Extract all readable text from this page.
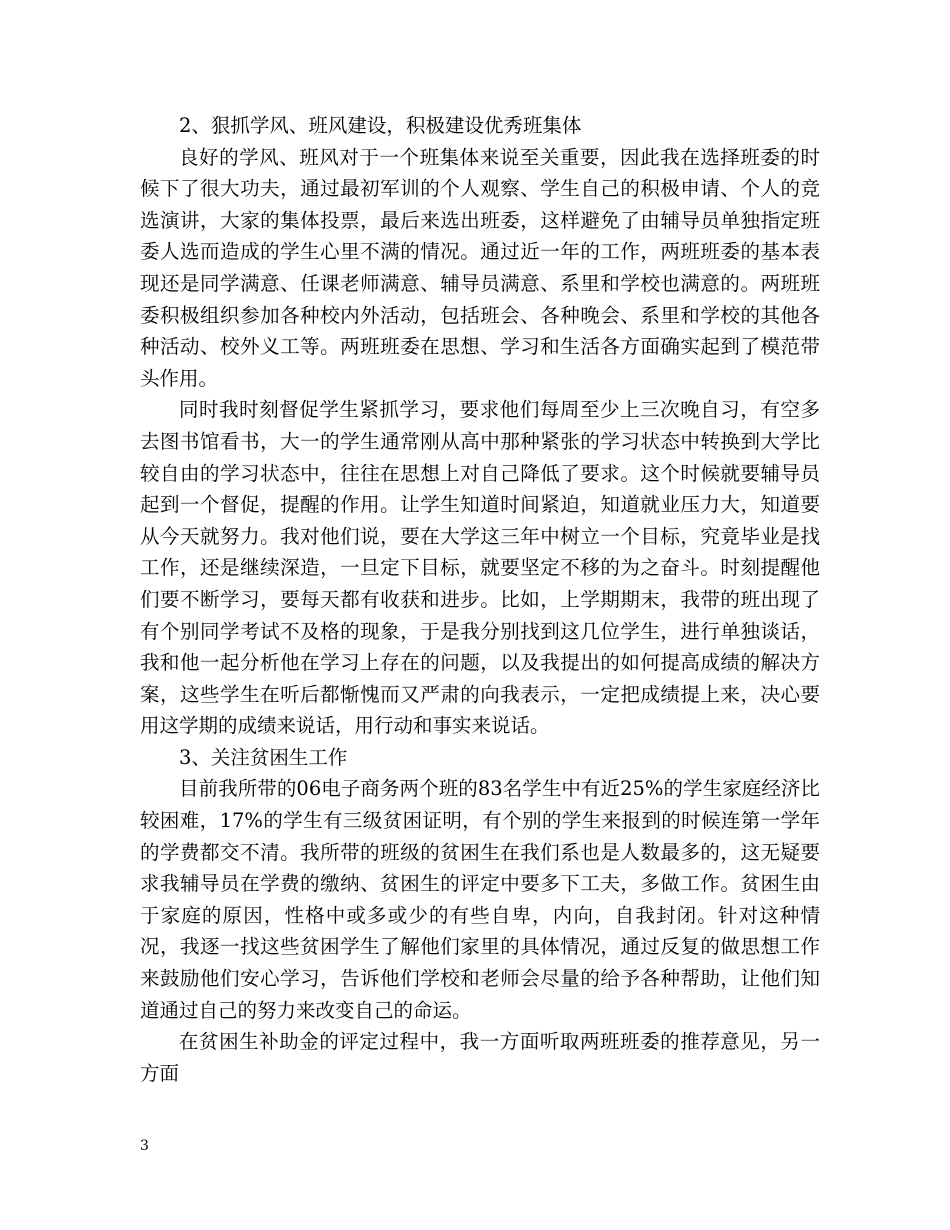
2、狠抓学风、班风建设，积极建设优秀班集体

良好的学风、班风对于一个班集体来说至关重要，因此我在选择班委的时候下了很大功夫，通过最初军训的个人观察、学生自己的积极申请、个人的竞选演讲，大家的集体投票，最后来选出班委，这样避免了由辅导员单独指定班委人选而造成的学生心里不满的情况。通过近一年的工作，两班班委的基本表现还是同学满意、任课老师满意、辅导员满意、系里和学校也满意的。两班班委积极组织参加各种校内外活动，包括班会、各种晚会、系里和学校的其他各种活动、校外义工等。两班班委在思想、学习和生活各方面确实起到了模范带头作用。

同时我时刻督促学生紧抓学习，要求他们每周至少上三次晚自习，有空多去图书馆看书，大一的学生通常刚从高中那种紧张的学习状态中转换到大学比较自由的学习状态中，往往在思想上对自己降低了要求。这个时候就要辅导员起到一个督促，提醒的作用。让学生知道时间紧迫，知道就业压力大，知道要从今天就努力。我对他们说，要在大学这三年中树立一个目标，究竟毕业是找工作，还是继续深造，一旦定下目标，就要坚定不移的为之奋斗。时刻提醒他们要不断学习，要每天都有收获和进步。比如，上学期期末，我带的班出现了有个别同学考试不及格的现象，于是我分别找到这几位学生，进行单独谈话，我和他一起分析他在学习上存在的问题，以及我提出的如何提高成绩的解决方案，这些学生在听后都惭愧而又严肃的向我表示，一定把成绩提上来，决心要用这学期的成绩来说话，用行动和事实来说话。

3、关注贫困生工作

目前我所带的06电子商务两个班的83名学生中有近25%的学生家庭经济比较困难，17%的学生有三级贫困证明，有个别的学生来报到的时候连第一学年的学费都交不清。我所带的班级的贫困生在我们系也是人数最多的，这无疑要求我辅导员在学费的缴纳、贫困生的评定中要多下工夫，多做工作。贫困生由于家庭的原因，性格中或多或少的有些自卑，内向，自我封闭。针对这种情况，我逐一找这些贫困学生了解他们家里的具体情况，通过反复的做思想工作来鼓励他们安心学习，告诉他们学校和老师会尽量的给予各种帮助，让他们知道通过自己的努力来改变自己的命运。

在贫困生补助金的评定过程中，我一方面听取两班班委的推荐意见，另一方面

3
